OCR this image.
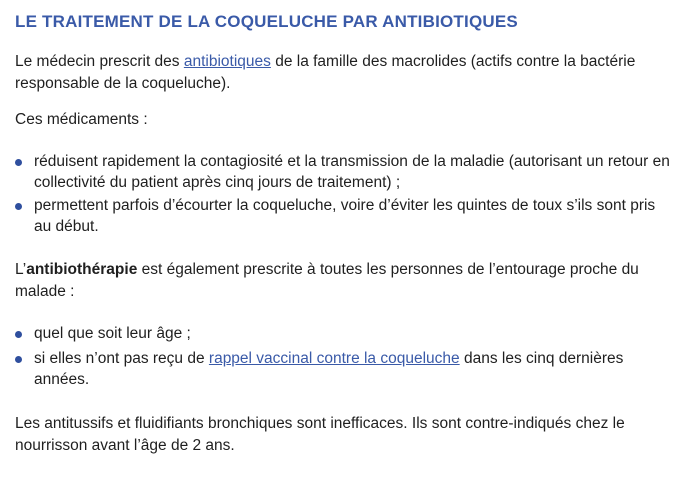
LE TRAITEMENT DE LA COQUELUCHE PAR ANTIBIOTIQUES

Le médecin prescrit des antibiotiques de la famille des macrolides (actifs contre la bactérie responsable de la coqueluche).

Ces médicaments :

réduisent rapidement la contagiosité et la transmission de la maladie (autorisant un retour en collectivité du patient après cinq jours de traitement) ;
permettent parfois d’écourter la coqueluche, voire d’éviter les quintes de toux s’ils sont pris au début.

L’antibiothérapie est également prescrite à toutes les personnes de l’entourage proche du malade :

quel que soit leur âge ;
si elles n’ont pas reçu de rappel vaccinal contre la coqueluche dans les cinq dernières années.

Les antitussifs et fluidifiants bronchiques sont inefficaces. Ils sont contre-indiqués chez le nourrisson avant l’âge de 2 ans.
